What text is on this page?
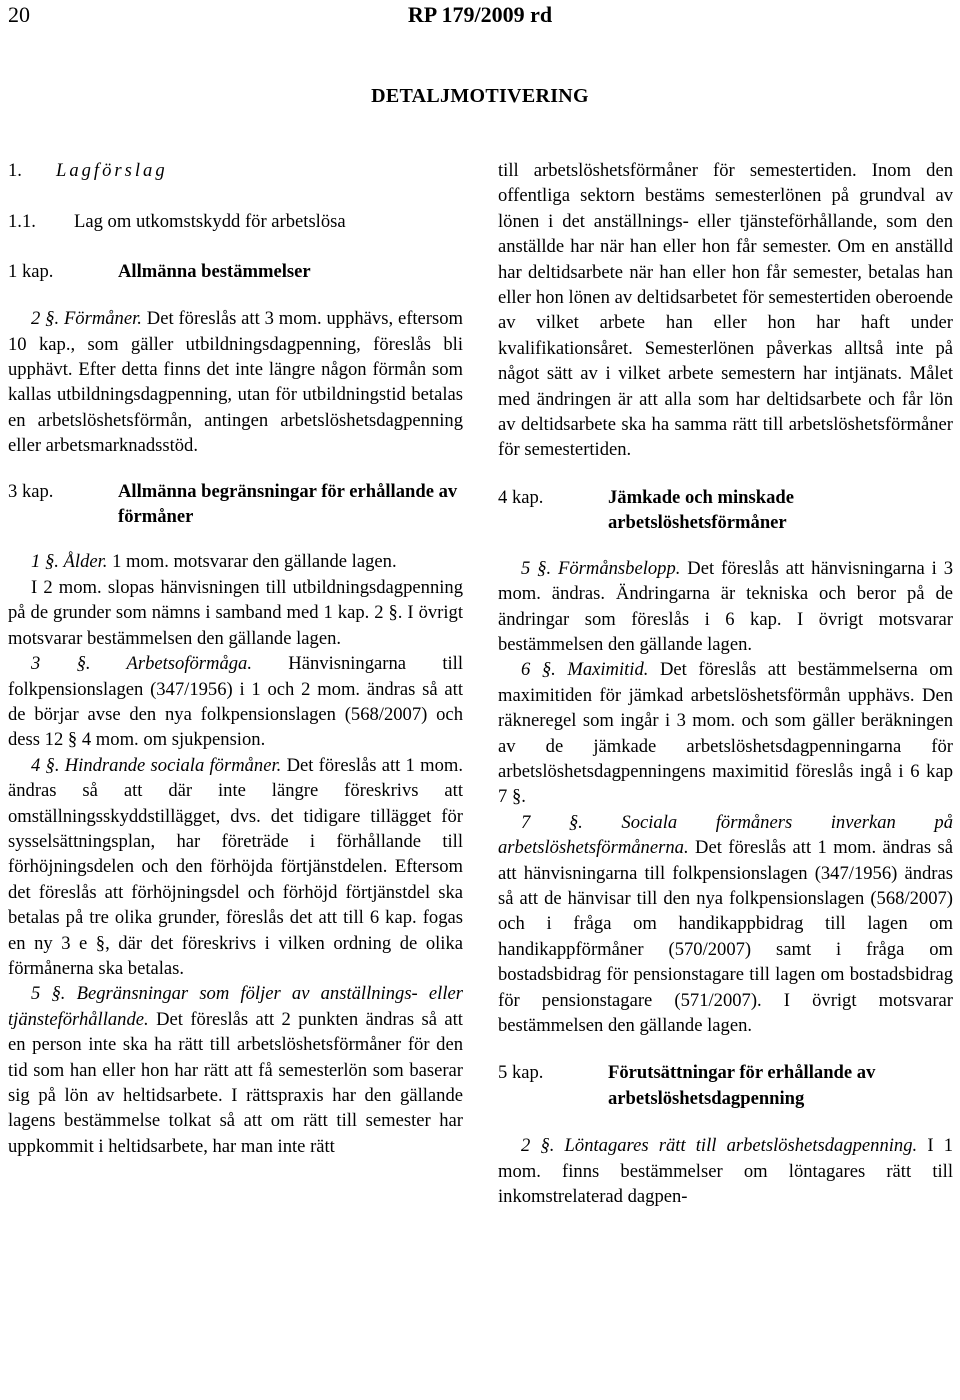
20	RP 179/2009 rd
DETALJMOTIVERING
1.	Lagförslag
1.1.	Lag om utkomstskydd för arbetslösa
1 kap.	Allmänna bestämmelser

2 §. Förmåner. Det föreslås att 3 mom. upphävs, eftersom 10 kap., som gäller utbildningsdagpenning, föreslås bli upphävt. Efter detta finns det inte längre någon förmån som kallas utbildningsdagpenning, utan för utbildningstid betalas en arbetslöshetsförmån, antingen arbetslöshetsdagpenning eller arbetsmarknadsstöd.

3 kap.	Allmänna begränsningar för erhållande av förmåner

1 §. Ålder. 1 mom. motsvarar den gällande lagen.

I 2 mom. slopas hänvisningen till utbildningsdagpenning på de grunder som nämns i samband med 1 kap. 2 §. I övrigt motsvarar bestämmelsen den gällande lagen.

3 §. Arbetsoförmåga. Hänvisningarna till folkpensionslagen (347/1956) i 1 och 2 mom. ändras så att de börjar avse den nya folkpensionslagen (568/2007) och dess 12 § 4 mom. om sjukpension.

4 §. Hindrande sociala förmåner. Det föreslås att 1 mom. ändras så att där inte längre föreskrivs att omställningsskyddstillägget, dvs. det tidigare tillägget för sysselsättningsplan, har företräde i förhållande till förhöjningsdelen och den förhöjda förtjänstdelen. Eftersom det föreslås att förhöjningsdel och förhöjd förtjänstdel ska betalas på tre olika grunder, föreslås det att till 6 kap. fogas en ny 3 e §, där det föreskrivs i vilken ordning de olika förmånerna ska betalas.

5 §. Begränsningar som följer av anställnings- eller tjänsteförhållande. Det föreslås att 2 punkten ändras så att en person inte ska ha rätt till arbetslöshetsförmåner för den tid som han eller hon har rätt att få semesterlön som baserar sig på lön av heltidsarbete. I rättspraxis har den gällande lagens bestämmelse tolkat så att om rätt till semester har uppkommit i heltidsarbete, har man inte rätt

till arbetslöshetsförmåner för semestertiden. Inom den offentliga sektorn bestäms semesterlönen på grundval av lönen i det anställnings- eller tjänsteförhållande, som den anställde har när han eller hon får semester. Om en anställd har deltidsarbete när han eller hon får semester, betalas han eller hon lönen av deltidsarbetet för semestertiden oberoende av vilket arbete han eller hon har haft under kvalifikationsåret. Semesterlönen påverkas alltså inte på något sätt av i vilket arbete semestern har intjänats. Målet med ändringen är att alla som har deltidsarbete och får lön av deltidsarbete ska ha samma rätt till arbetslöshetsförmåner för semestertiden.

4 kap.	Jämkade och minskade arbetslöshetsförmåner

5 §. Förmånsbelopp. Det föreslås att hänvisningarna i 3 mom. ändras. Ändringarna är tekniska och beror på de ändringar som föreslås i 6 kap. I övrigt motsvarar bestämmelsen den gällande lagen.

6 §. Maximitid. Det föreslås att bestämmelserna om maximitiden för jämkad arbetslöshetsförmån upphävs. Den räkneregel som ingår i 3 mom. och som gäller beräkningen av de jämkade arbetslöshetsdagpenningarna för arbetslöshetsdagpenningens maximitid föreslås ingå i 6 kap 7 §.

7 §. Sociala förmåners inverkan på arbetslöshetsförmånerna. Det föreslås att 1 mom. ändras så att hänvisningarna till folkpensionslagen (347/1956) ändras så att de hänvisar till den nya folkpensionslagen (568/2007) och i fråga om handikappbidrag till lagen om handikappförmåner (570/2007) samt i fråga om bostadsbidrag för pensionstagare till lagen om bostadsbidrag för pensionstagare (571/2007). I övrigt motsvarar bestämmelsen den gällande lagen.

5 kap.	Förutsättningar för erhållande av arbetslöshetsdagpenning

2 §. Löntagares rätt till arbetslöshetsdagpenning. I 1 mom. finns bestämmelser om löntagares rätt till inkomstrelaterad dagpen-
